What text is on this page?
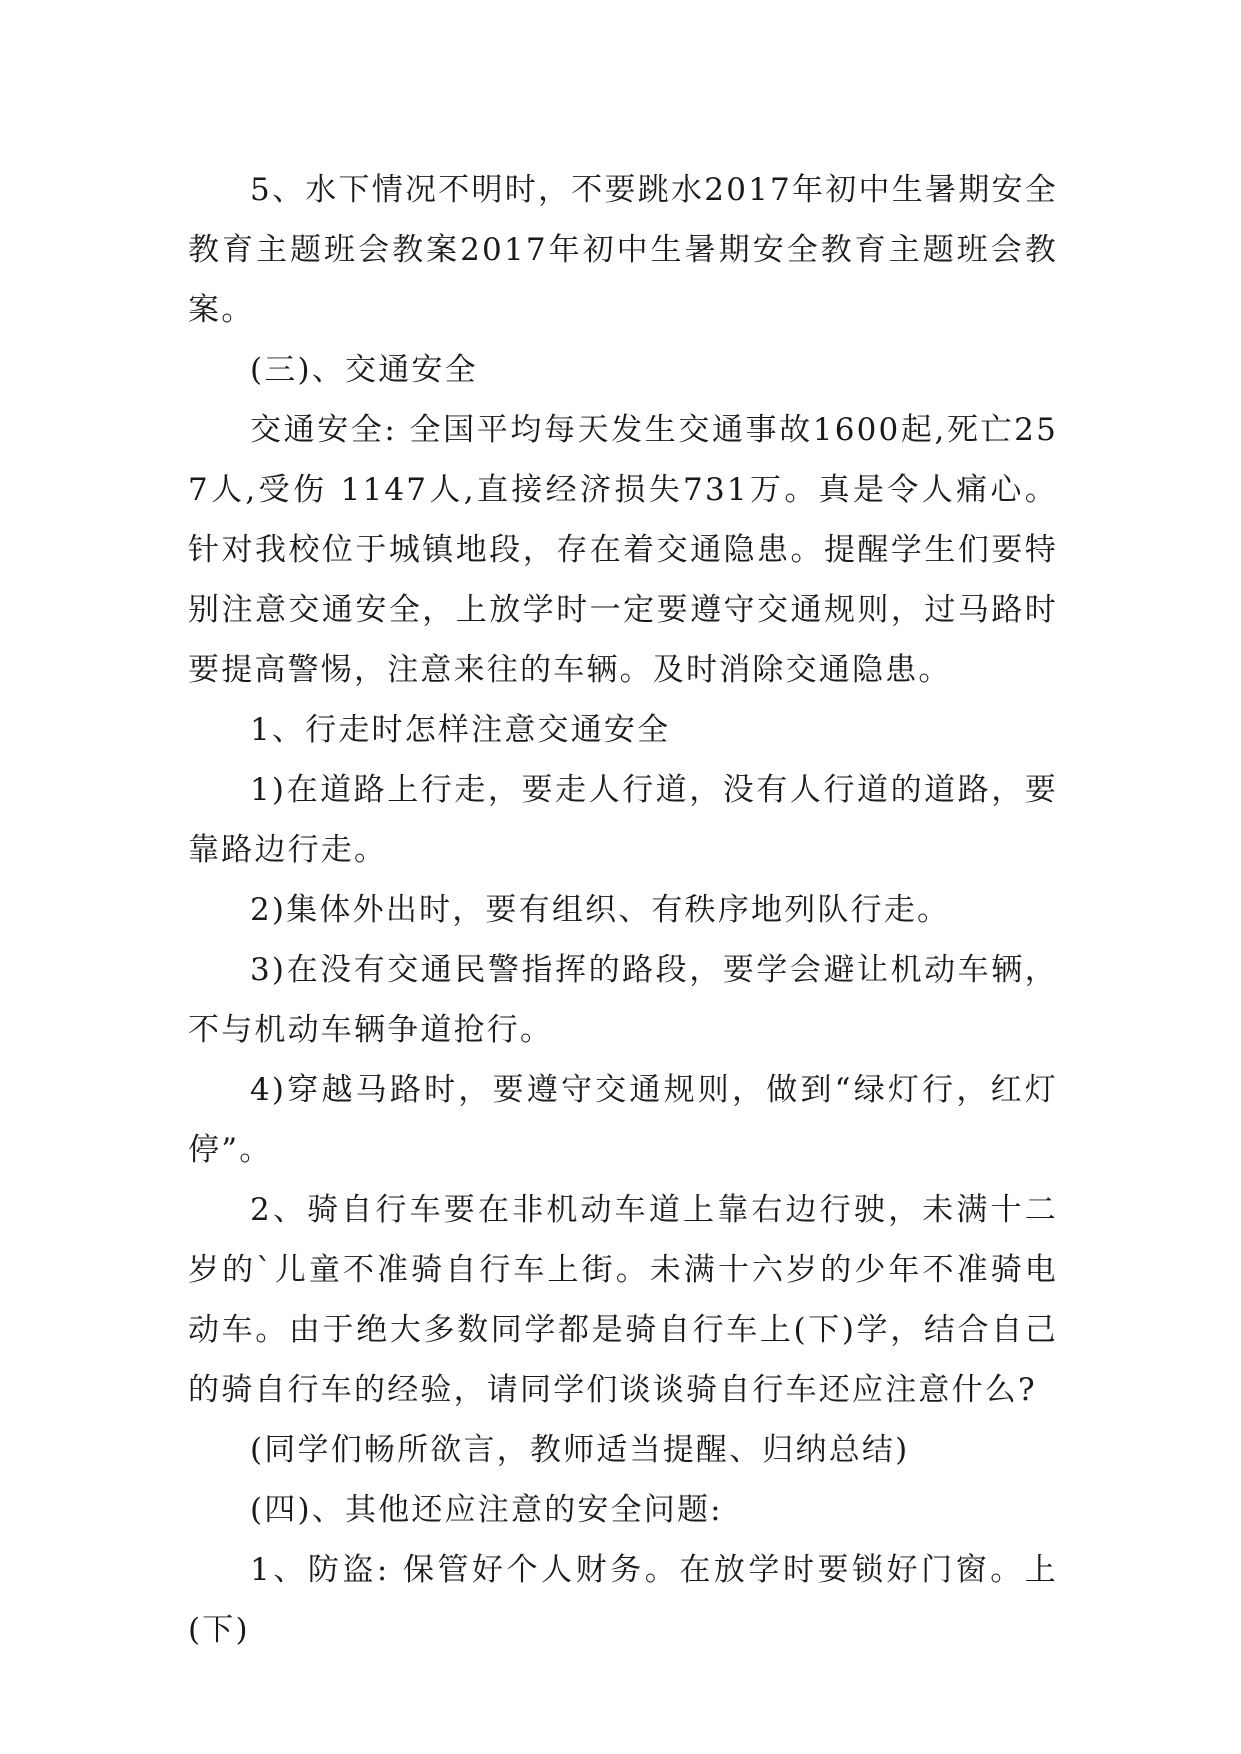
5、水下情况不明时，不要跳水2017年初中生暑期安全教育主题班会教案2017年初中生暑期安全教育主题班会教案。

(三)、交通安全

交通安全: 全国平均每天发生交通事故1600起,死亡257人,受伤 1147人,直接经济损失731万。真是令人痛心。针对我校位于城镇地段，存在着交通隐患。提醒学生们要特别注意交通安全，上放学时一定要遵守交通规则，过马路时要提高警惕，注意来往的车辆。及时消除交通隐患。

1、行走时怎样注意交通安全

1)在道路上行走，要走人行道，没有人行道的道路，要靠路边行走。

2)集体外出时，要有组织、有秩序地列队行走。

3)在没有交通民警指挥的路段，要学会避让机动车辆，不与机动车辆争道抢行。

4)穿越马路时，要遵守交通规则，做到“绿灯行，红灯停”。

2、骑自行车要在非机动车道上靠右边行驶，未满十二岁的`儿童不准骑自行车上街。未满十六岁的少年不准骑电动车。由于绝大多数同学都是骑自行车上(下)学，结合自己的骑自行车的经验，请同学们谈谈骑自行车还应注意什么?

(同学们畅所欲言，教师适当提醒、归纳总结)

(四)、其他还应注意的安全问题:

1、防盗: 保管好个人财务。在放学时要锁好门窗。上(下)
